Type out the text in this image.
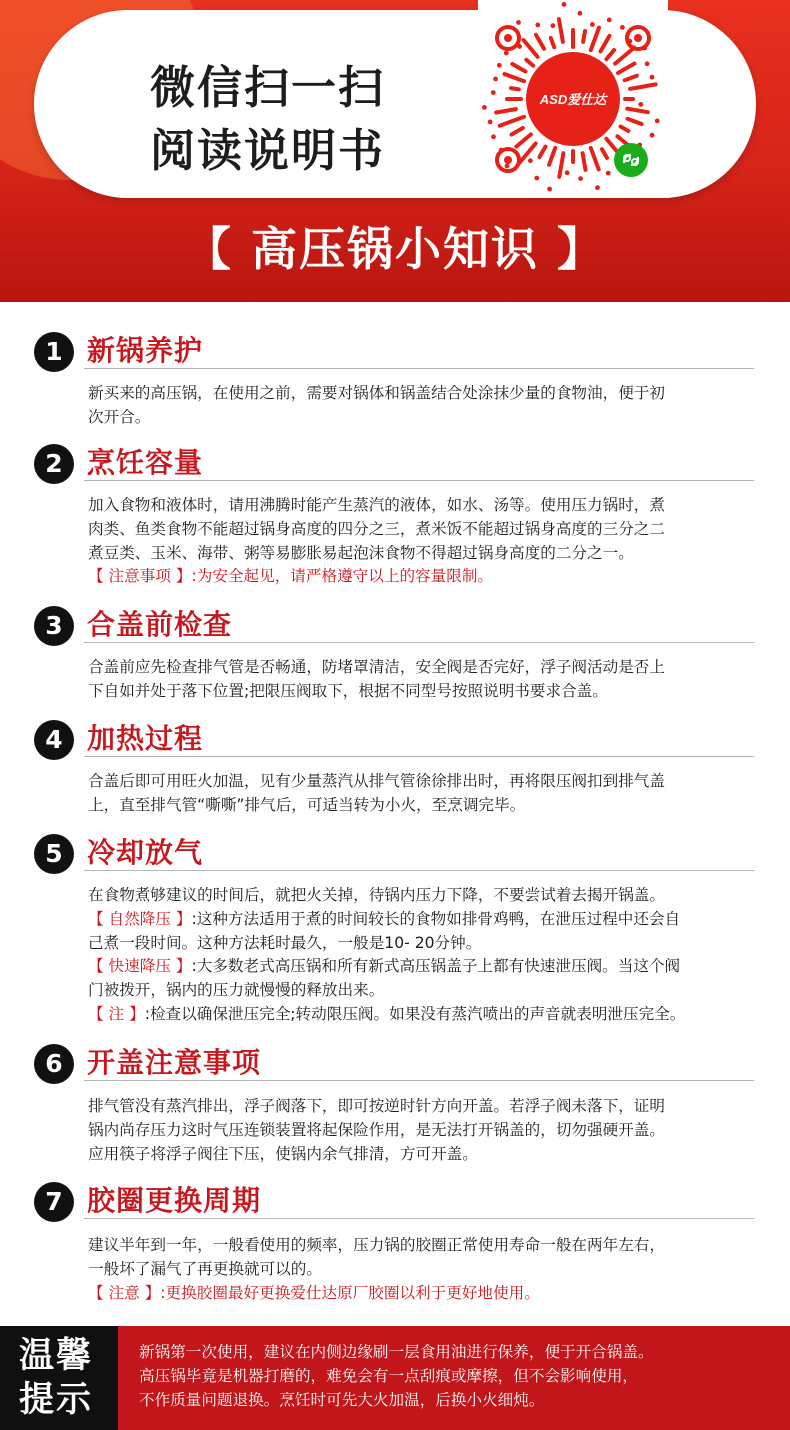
微信扫一扫
阅读说明书
ASD爱仕达
【 高压锅小知识 】
1 新锅养护

新买来的高压锅，在使用之前，需要对锅体和锅盖结合处涂抹少量的食物油，便于初

次开合。

2 烹饪容量

加入食物和液体时，请用沸腾时能产生蒸汽的液体，如水、汤等。使用压力锅时，煮

肉类、鱼类食物不能超过锅身高度的四分之三，煮米饭不能超过锅身高度的三分之二

煮豆类、玉米、海带、粥等易膨胀易起泡沫食物不得超过锅身高度的二分之一。

【 注意事项 】:为安全起见，请严格遵守以上的容量限制。

3 合盖前检查

合盖前应先检查排气管是否畅通，防堵罩清洁，安全阀是否完好，浮子阀活动是否上

下自如并处于落下位置;把限压阀取下，根据不同型号按照说明书要求合盖。

4 加热过程

合盖后即可用旺火加温，见有少量蒸汽从排气管徐徐排出时，再将限压阀扣到排气盖

上，直至排气管“嘶嘶”排气后，可适当转为小火，至烹调完毕。

5 冷却放气

在食物煮够建议的时间后，就把火关掉，待锅内压力下降，不要尝试着去揭开锅盖。

【 自然降压 】:这种方法适用于煮的时间较长的食物如排骨鸡鸭，在泄压过程中还会自

己煮一段时间。这种方法耗时最久，一般是10- 20分钟。

【 快速降压 】:大多数老式高压锅和所有新式高压锅盖子上都有快速泄压阀。当这个阀

门被拨开，锅内的压力就慢慢的释放出来。

【 注 】:检查以确保泄压完全;转动限压阀。如果没有蒸汽喷出的声音就表明泄压完全。

6 开盖注意事项

排气管没有蒸汽排出，浮子阀落下，即可按逆时针方向开盖。若浮子阀未落下，证明

锅内尚存压力这时气压连锁装置将起保险作用，是无法打开锅盖的，切勿强硬开盖。

应用筷子将浮子阀往下压，使锅内余气排清，方可开盖。

7 胶圈更换周期

建议半年到一年，一般看使用的频率，压力锅的胶圈正常使用寿命一般在两年左右，

一般坏了漏气了再更换就可以的。

【 注意 】:更换胶圈最好更换爱仕达原厂胶圈以利于更好地使用。

温馨
提示

新锅第一次使用，建议在内侧边缘刷一层食用油进行保养，便于开合锅盖。

高压锅毕竟是机器打磨的，难免会有一点刮痕或摩擦，但不会影响使用，

不作质量问题退换。烹饪时可先大火加温，后换小火细炖。
